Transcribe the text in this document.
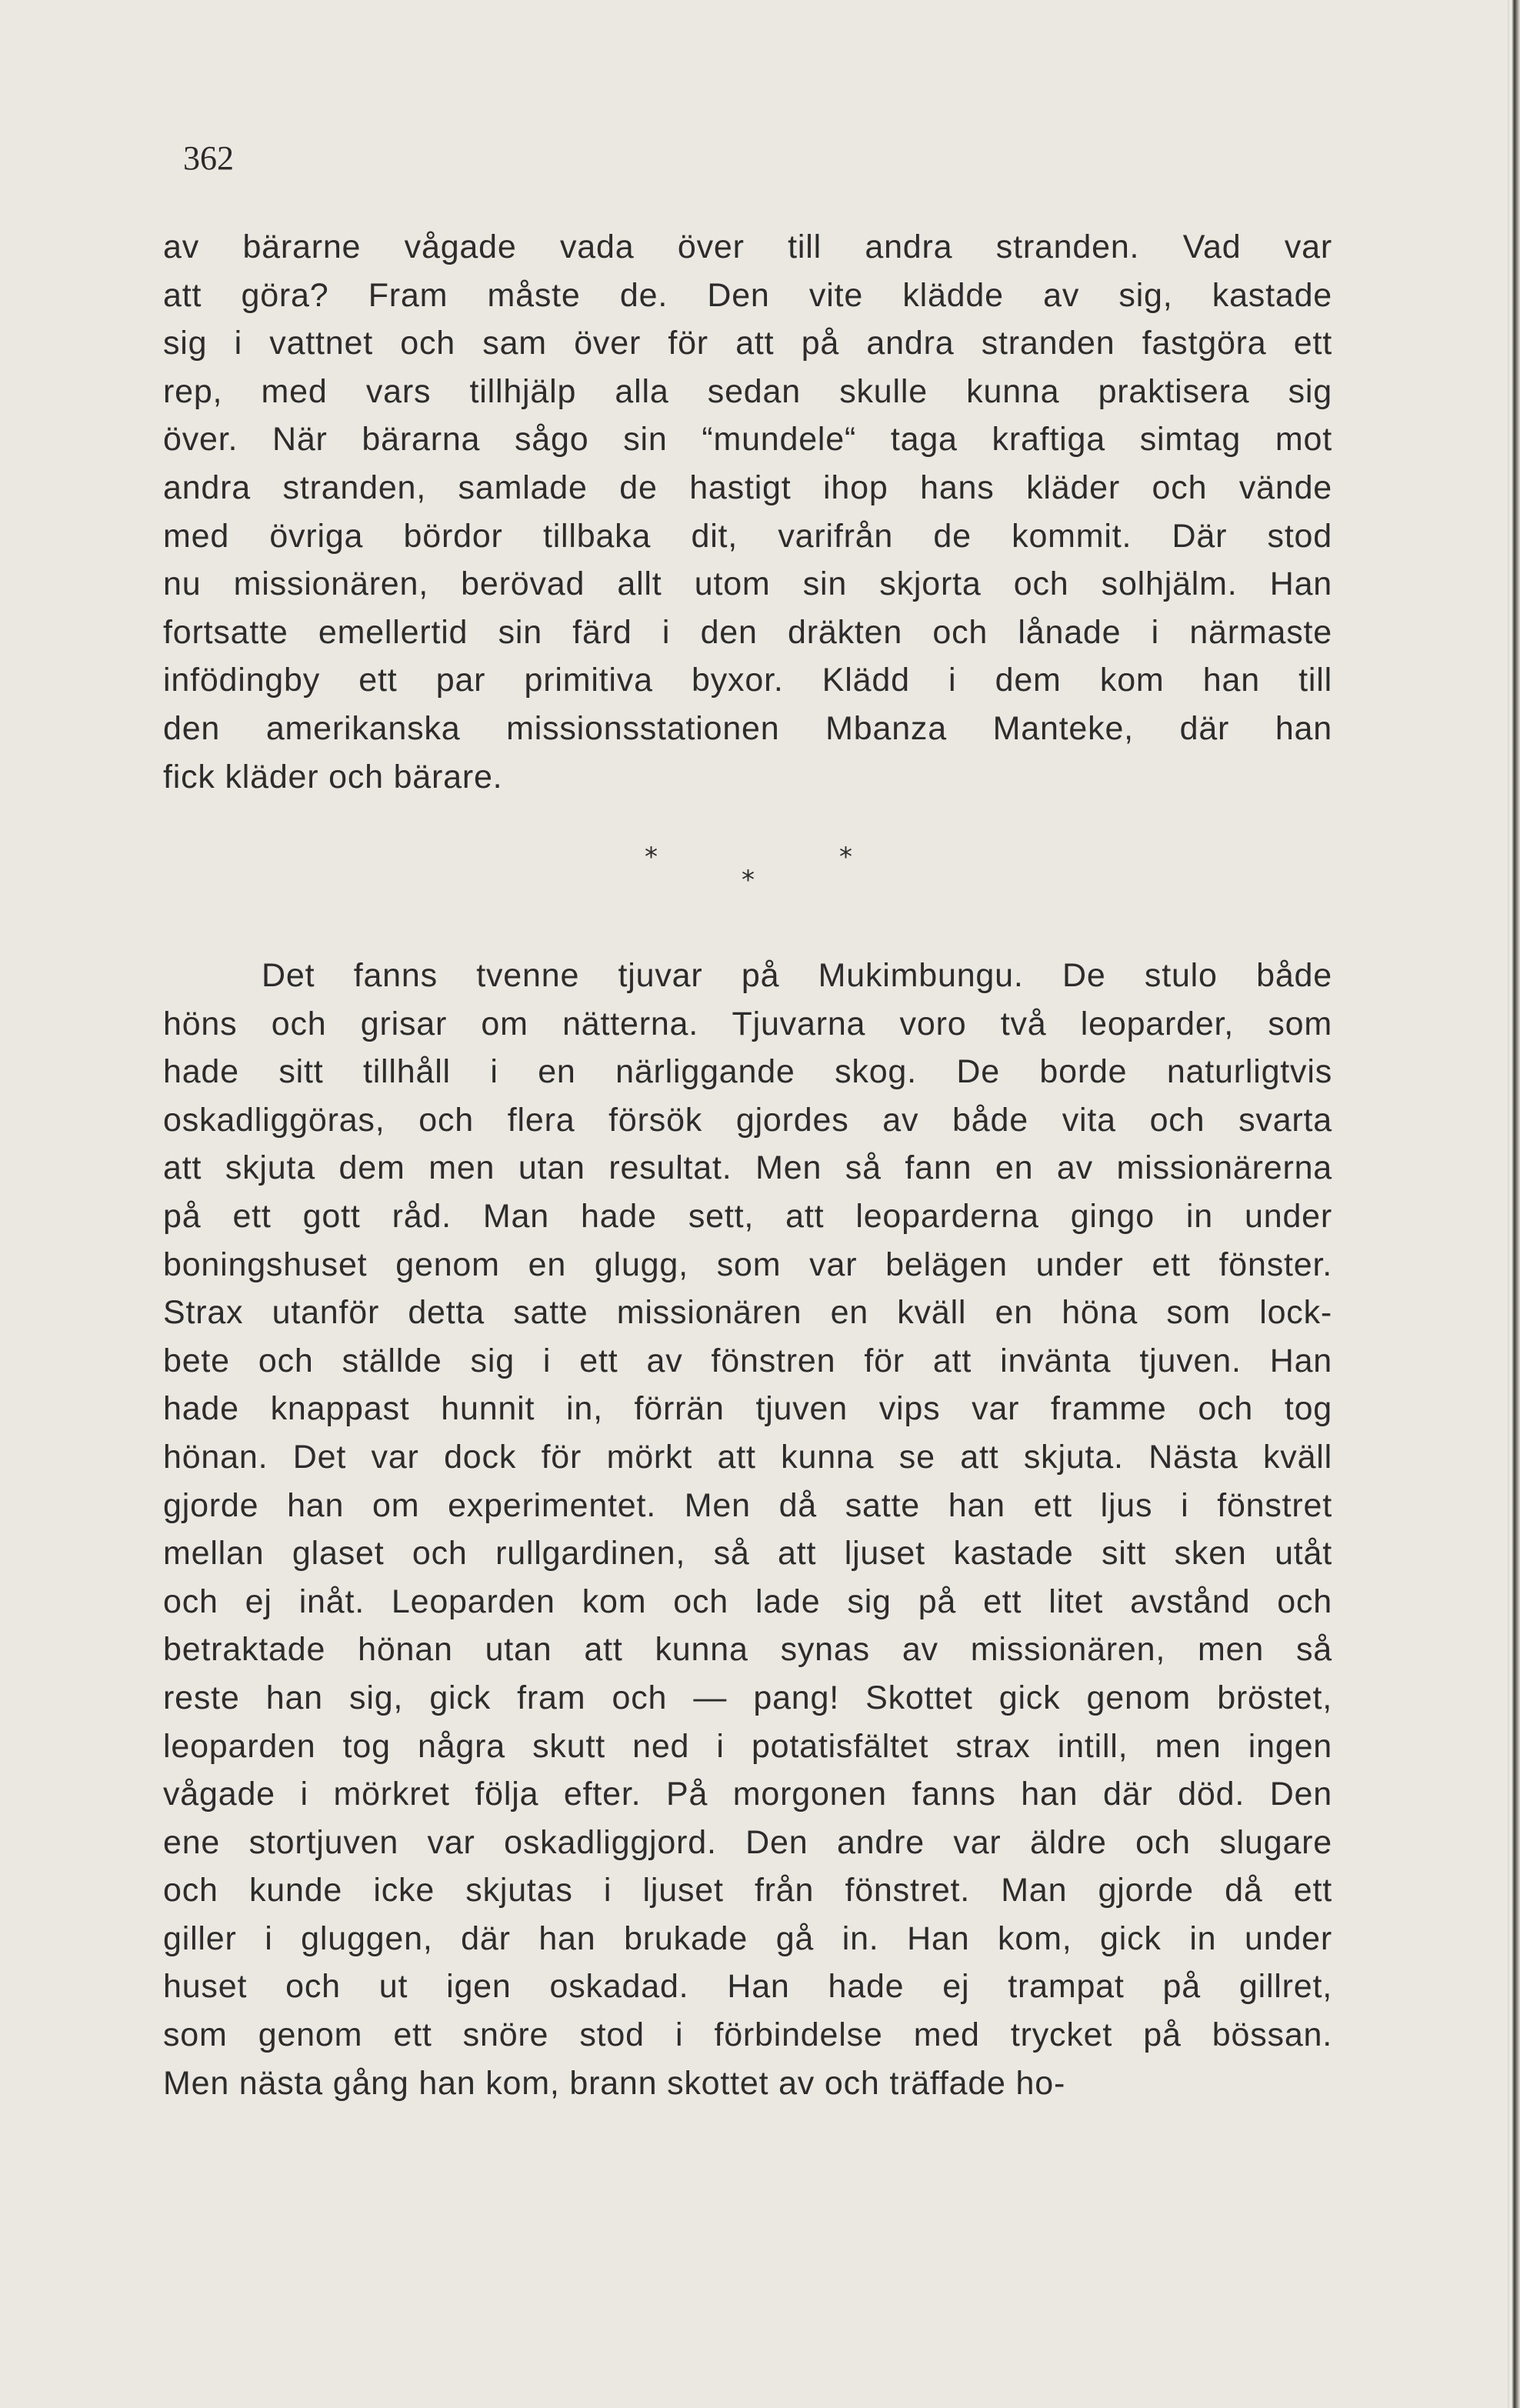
362
av bärarne vågade vada över till andra stranden. Vad var
att göra? Fram måste de. Den vite klädde av sig, kastade
sig i vattnet och sam över för att på andra stranden fastgöra ett
rep, med vars tillhjälp alla sedan skulle kunna praktisera sig
över. När bärarna sågo sin “mundele“ taga kraftiga simtag mot
andra stranden, samlade de hastigt ihop hans kläder och vände
med övriga bördor tillbaka dit, varifrån de kommit. Där stod
nu missionären, berövad allt utom sin skjorta och solhjälm. Han
fortsatte emellertid sin färd i den dräkten och lånade i närmaste
infödingby ett par primitiva byxor. Klädd i dem kom han till
den amerikanska missionsstationen Mbanza Manteke, där han
fick kläder och bärare.
*	*
*
Det fanns tvenne tjuvar på Mukimbungu. De stulo både
höns och grisar om nätterna. Tjuvarna voro två leoparder, som
hade sitt tillhåll i en närliggande skog. De borde naturligtvis
oskadliggöras, och flera försök gjordes av både vita och svarta
att skjuta dem men utan resultat. Men så fann en av missionärerna
på ett gott råd. Man hade sett, att leoparderna gingo in under
boningshuset genom en glugg, som var belägen under ett fönster.
Strax utanför detta satte missionären en kväll en höna som lock-
bete och ställde sig i ett av fönstren för att invänta tjuven. Han
hade knappast hunnit in, förrän tjuven vips var framme och tog
hönan. Det var dock för mörkt att kunna se att skjuta. Nästa kväll
gjorde han om experimentet. Men då satte han ett ljus i fönstret
mellan glaset och rullgardinen, så att ljuset kastade sitt sken utåt
och ej inåt. Leoparden kom och lade sig på ett litet avstånd och
betraktade hönan utan att kunna synas av missionären, men så
reste han sig, gick fram och — pang! Skottet gick genom bröstet,
leoparden tog några skutt ned i potatisfältet strax intill, men ingen
vågade i mörkret följa efter. På morgonen fanns han där död. Den
ene stortjuven var oskadliggjord. Den andre var äldre och slugare
och kunde icke skjutas i ljuset från fönstret. Man gjorde då ett
giller i gluggen, där han brukade gå in. Han kom, gick in under
huset och ut igen oskadad. Han hade ej trampat på gillret,
som genom ett snöre stod i förbindelse med trycket på bössan.
Men nästa gång han kom, brann skottet av och träffade ho-
